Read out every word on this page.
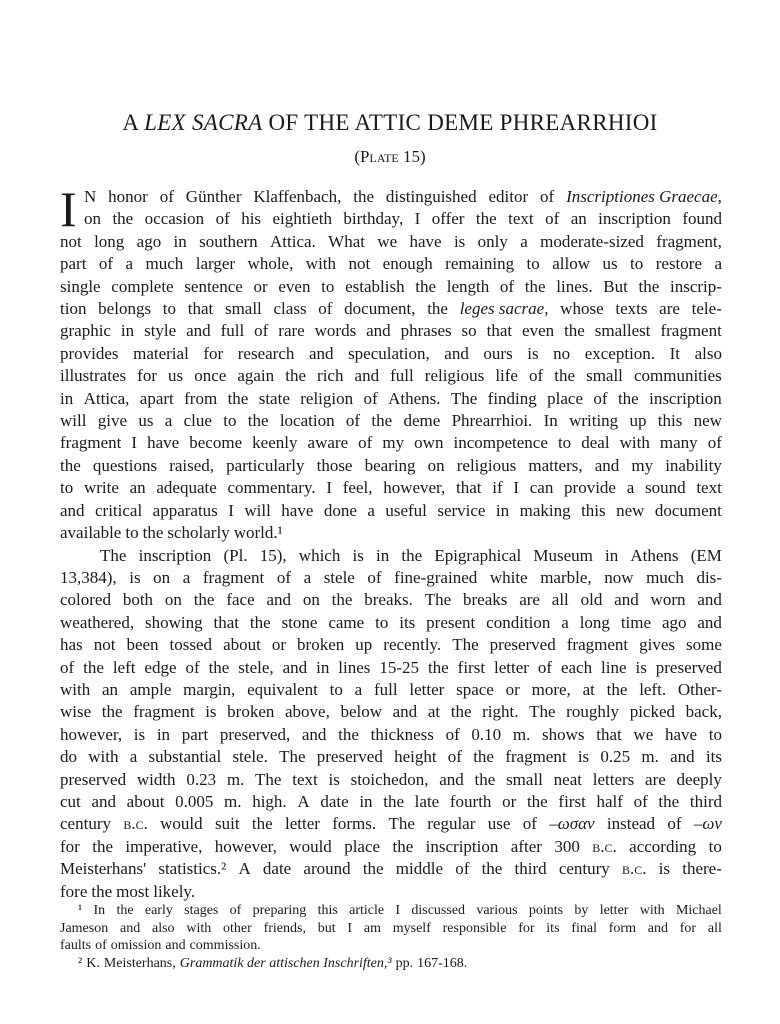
A LEX SACRA OF THE ATTIC DEME PHREARRHIOI
(Plate 15)
I N honor of Günther Klaffenbach, the distinguished editor of Inscriptiones Graecae,
on the occasion of his eightieth birthday, I offer the text of an inscription found
not long ago in southern Attica. What we have is only a moderate-sized fragment,
part of a much larger whole, with not enough remaining to allow us to restore a
single complete sentence or even to establish the length of the lines. But the inscrip-
tion belongs to that small class of document, the leges sacrae, whose texts are tele-
graphic in style and full of rare words and phrases so that even the smallest fragment
provides material for research and speculation, and ours is no exception. It also
illustrates for us once again the rich and full religious life of the small communities
in Attica, apart from the state religion of Athens. The finding place of the inscription
will give us a clue to the location of the deme Phrearrhioi. In writing up this new
fragment I have become keenly aware of my own incompetence to deal with many of
the questions raised, particularly those bearing on religious matters, and my inability
to write an adequate commentary. I feel, however, that if I can provide a sound text
and critical apparatus I will have done a useful service in making this new document
available to the scholarly world.¹
The inscription (Pl. 15), which is in the Epigraphical Museum in Athens (EM
13,384), is on a fragment of a stele of fine-grained white marble, now much dis-
colored both on the face and on the breaks. The breaks are all old and worn and
weathered, showing that the stone came to its present condition a long time ago and
has not been tossed about or broken up recently. The preserved fragment gives some
of the left edge of the stele, and in lines 15-25 the first letter of each line is preserved
with an ample margin, equivalent to a full letter space or more, at the left. Other-
wise the fragment is broken above, below and at the right. The roughly picked back,
however, is in part preserved, and the thickness of 0.10 m. shows that we have to
do with a substantial stele. The preserved height of the fragment is 0.25 m. and its
preserved width 0.23 m. The text is stoichedon, and the small neat letters are deeply
cut and about 0.005 m. high. A date in the late fourth or the first half of the third
century b.c. would suit the letter forms. The regular use of –ωσαν instead of –ων
for the imperative, however, would place the inscription after 300 b.c. according to
Meisterhans' statistics.² A date around the middle of the third century b.c. is there-
fore the most likely.
¹ In the early stages of preparing this article I discussed various points by letter with Michael
Jameson and also with other friends, but I am myself responsible for its final form and for all
faults of omission and commission.
² K. Meisterhans, Grammatik der attischen Inschriften,³ pp. 167-168.
